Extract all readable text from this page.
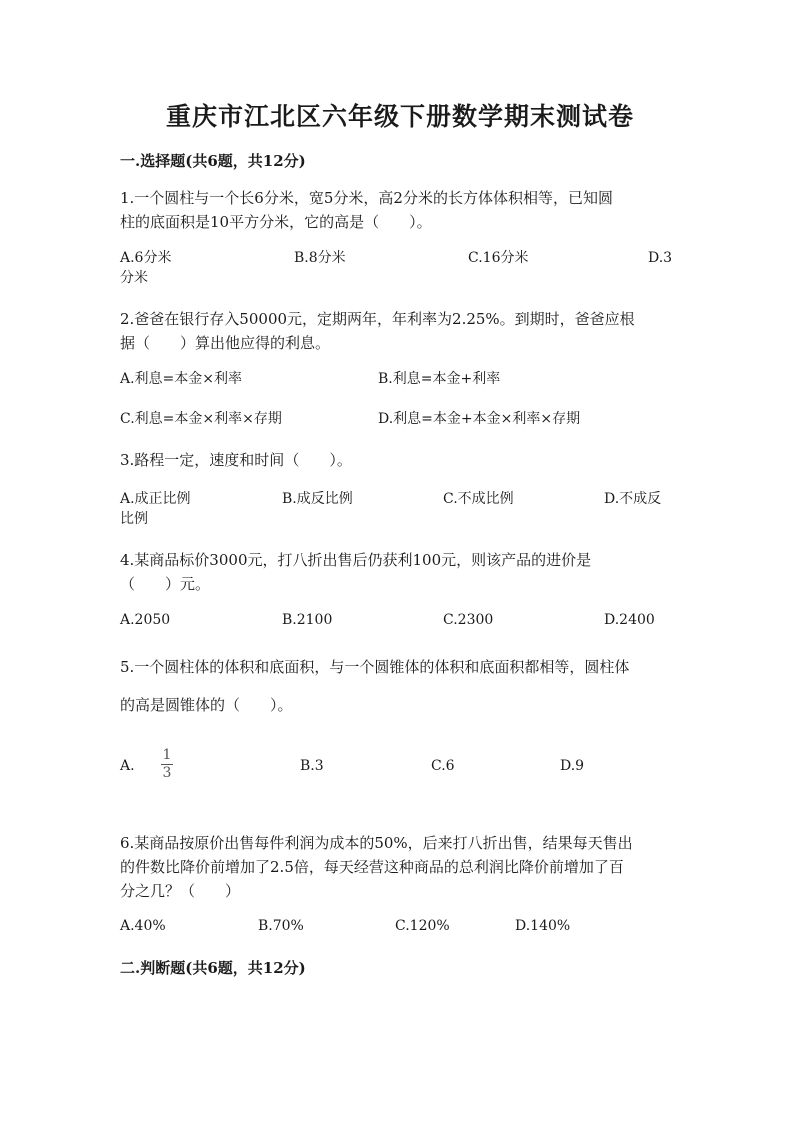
重庆市江北区六年级下册数学期末测试卷
一.选择题(共6题，共12分)
1.一个圆柱与一个长6分米，宽5分米，高2分米的长方体体积相等，已知圆
柱的底面积是10平方分米，它的高是（　　）。
A.6分米	B.8分米	C.16分米	D.3
分米
2.爸爸在银行存入50000元，定期两年，年利率为2.25%。到期时，爸爸应根
据（　　）算出他应得的利息。
A.利息=本金×利率	B.利息=本金+利率
C.利息=本金×利率×存期	D.利息=本金+本金×利率×存期
3.路程一定，速度和时间（　　）。
A.成正比例	B.成反比例	C.不成比例	D.不成反
比例
4.某商品标价3000元，打八折出售后仍获利100元，则该产品的进价是
（　　）元。
A.2050	B.2100	C.2300	D.2400
5.一个圆柱体的体积和底面积，与一个圆锥体的体积和底面积都相等，圆柱体
的高是圆锥体的（　　）。
A.
1
3	B.3	C.6	D.9
6.某商品按原价出售每件利润为成本的50%，后来打八折出售，结果每天售出
的件数比降价前增加了2.5倍，每天经营这种商品的总利润比降价前增加了百
分之几？（　　）
A.40%	B.70%	C.120%	D.140%
二.判断题(共6题，共12分)
